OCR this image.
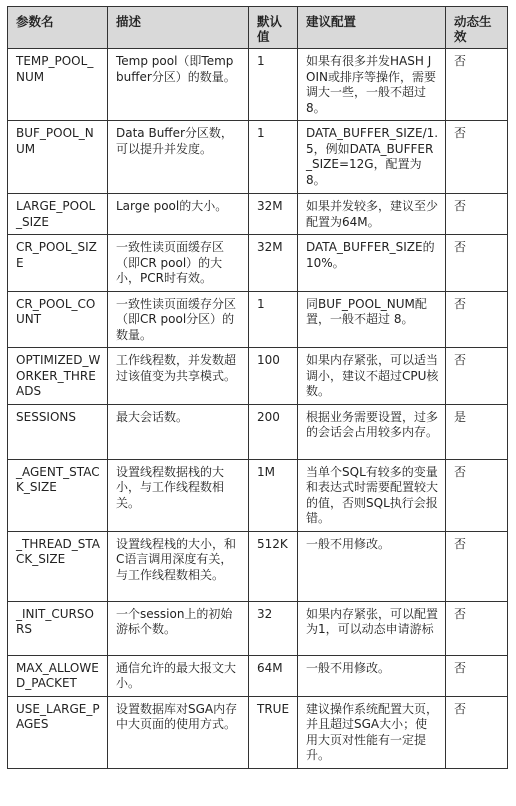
参数名	描述	默认值	建议配置	动态生效
TEMP_POOL_NUM	Temp pool（即Temp buffer分区）的数量。	1	如果有很多并发HASH JOIN或排序等操作，需要调大一些，一般不超过8。	否
BUF_POOL_NUM	Data Buffer分区数，可以提升并发度。	1	DATA_BUFFER_SIZE/1.5，例如DATA_BUFFER_SIZE=12G，配置为8。	否
LARGE_POOL_SIZE	Large pool的大小。	32M	如果并发较多，建议至少配置为64M。	否
CR_POOL_SIZE	一致性读页面缓存区（即CR pool）的大小，PCR时有效。	32M	DATA_BUFFER_SIZE的10%。	否
CR_POOL_COUNT	一致性读页面缓存分区（即CR pool分区）的数量。	1	同BUF_POOL_NUM配置，一般不超过 8。	否
OPTIMIZED_WORKER_THREADS	工作线程数，并发数超过该值变为共享模式。	100	如果内存紧张，可以适当调小，建议不超过CPU核数。	否
SESSIONS	最大会话数。	200	根据业务需要设置，过多的会话会占用较多内存。	是
_AGENT_STACK_SIZE	设置线程数据栈的大小，与工作线程数相关。	1M	当单个SQL有较多的变量和表达式时需要配置较大的值，否则SQL执行会报错。	否
_THREAD_STACK_SIZE	设置线程栈的大小，和C语言调用深度有关，与工作线程数相关。	512K	一般不用修改。	否
_INIT_CURSORS	一个session上的初始游标个数。	32	如果内存紧张，可以配置为1，可以动态申请游标	否
MAX_ALLOWED_PACKET	通信允许的最大报文大小。	64M	一般不用修改。	否
USE_LARGE_PAGES	设置数据库对SGA内存中大页面的使用方式。	TRUE	建议操作系统配置大页，并且超过SGA大小；使用大页对性能有一定提升。	否
